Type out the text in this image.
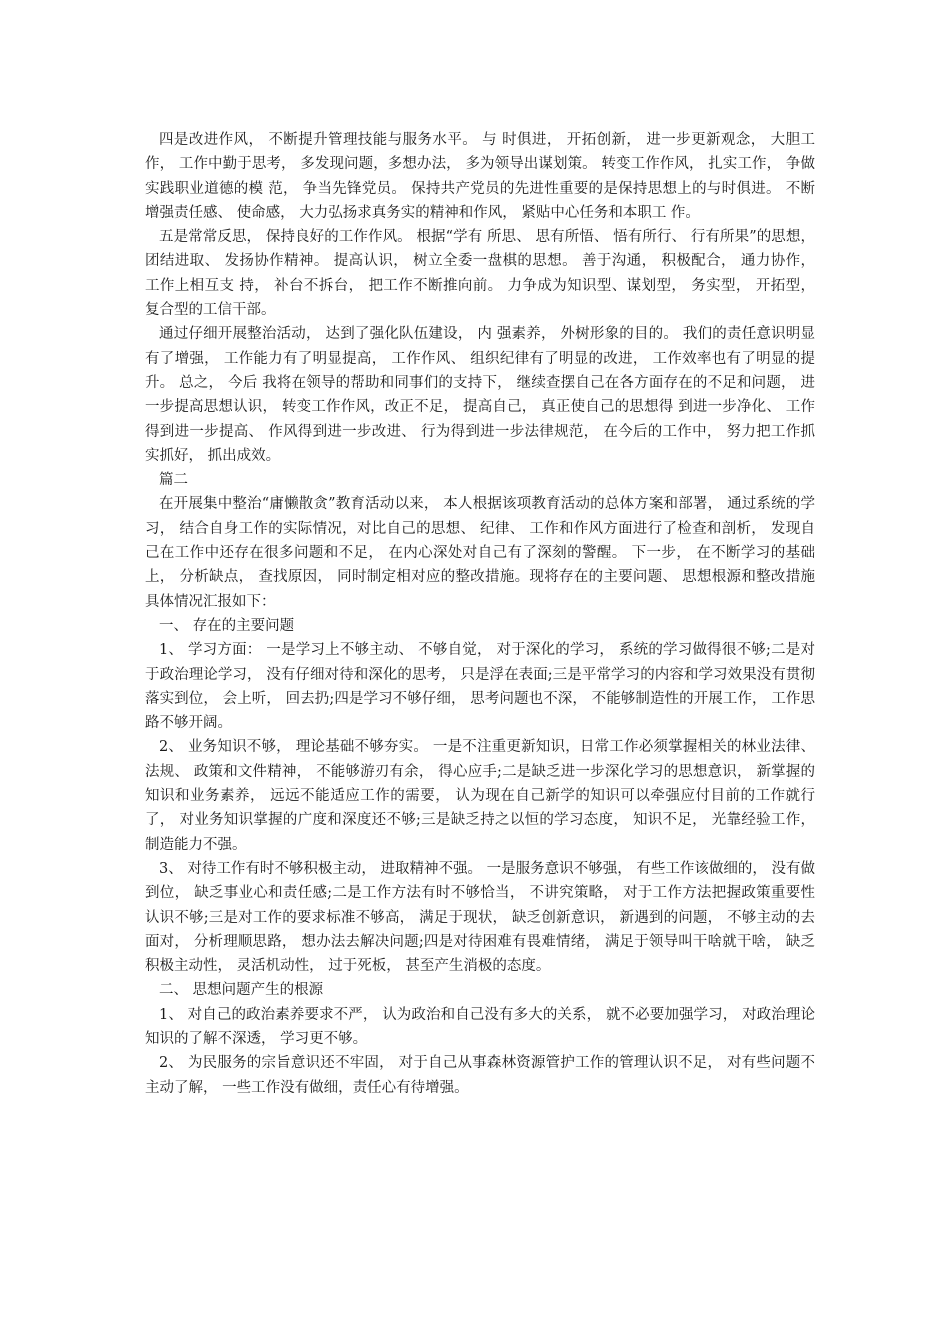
四是改进作风， 不断提升管理技能与服务水平。 与 时俱进， 开拓创新， 进一步更新观念， 大胆工作， 工作中勤于思考， 多发现问题，多想办法， 多为领导出谋划策。 转变工作作风， 扎实工作， 争做实践职业道德的模 范， 争当先锋党员。 保持共产党员的先进性重要的是保持思想上的与时俱进。 不断增强责任感、 使命感， 大力弘扬求真务实的精神和作风， 紧贴中心任务和本职工 作。

五是常常反思， 保持良好的工作作风。 根据“学有 所思、 思有所悟、 悟有所行、 行有所果”的思想， 团结进取、 发扬协作精神。 提高认识， 树立全委一盘棋的思想。 善于沟通， 积极配合， 通力协作， 工作上相互支 持， 补台不拆台， 把工作不断推向前。 力争成为知识型、谋划型， 务实型， 开拓型， 复合型的工信干部。

通过仔细开展整治活动， 达到了强化队伍建设， 内 强素养， 外树形象的目的。 我们的责任意识明显有了增强， 工作能力有了明显提高， 工作作风、 组织纪律有了明显的改进， 工作效率也有了明显的提升。 总之， 今后 我将在领导的帮助和同事们的支持下， 继续查摆自己在各方面存在的不足和问题， 进一步提高思想认识， 转变工作作风，改正不足， 提高自己， 真正使自己的思想得 到进一步净化、 工作得到进一步提高、 作风得到进一步改进、 行为得到进一步法律规范， 在今后的工作中， 努力把工作抓实抓好， 抓出成效。

篇二

在开展集中整治“庸懒散贪”教育活动以来， 本人根据该项教育活动的总体方案和部署， 通过系统的学习， 结合自身工作的实际情况，对比自己的思想、 纪律、 工作和作风方面进行了检查和剖析， 发现自己在工作中还存在很多问题和不足， 在内心深处对自己有了深刻的警醒。 下一步， 在不断学习的基础上， 分析缺点， 查找原因， 同时制定相对应的整改措施。现将存在的主要问题、 思想根源和整改措施具体情况汇报如下：

一、 存在的主要问题

1、 学习方面： 一是学习上不够主动、 不够自觉， 对于深化的学习， 系统的学习做得很不够;二是对于政治理论学习， 没有仔细对待和深化的思考， 只是浮在表面;三是平常学习的内容和学习效果没有贯彻落实到位， 会上听， 回去扔;四是学习不够仔细， 思考问题也不深， 不能够制造性的开展工作， 工作思路不够开阔。

2、 业务知识不够， 理论基础不够夯实。 一是不注重更新知识，日常工作必须掌握相关的林业法律、 法规、 政策和文件精神， 不能够游刃有余， 得心应手;二是缺乏进一步深化学习的思想意识， 新掌握的知识和业务素养， 远远不能适应工作的需要， 认为现在自己新学的知识可以牵强应付目前的工作就行了， 对业务知识掌握的广度和深度还不够;三是缺乏持之以恒的学习态度， 知识不足， 光靠经验工作，制造能力不强。

3、 对待工作有时不够积极主动， 进取精神不强。 一是服务意识不够强， 有些工作该做细的， 没有做到位， 缺乏事业心和责任感;二是工作方法有时不够恰当， 不讲究策略， 对于工作方法把握政策重要性认识不够;三是对工作的要求标准不够高， 满足于现状， 缺乏创新意识， 新遇到的问题， 不够主动的去面对， 分析理顺思路， 想办法去解决问题;四是对待困难有畏难情绪， 满足于领导叫干啥就干啥， 缺乏积极主动性， 灵活机动性， 过于死板， 甚至产生消极的态度。

二、 思想问题产生的根源

1、 对自己的政治素养要求不严， 认为政治和自己没有多大的关系， 就不必要加强学习， 对政治理论知识的了解不深透， 学习更不够。

2、 为民服务的宗旨意识还不牢固， 对于自己从事森林资源管护工作的管理认识不足， 对有些问题不主动了解， 一些工作没有做细，责任心有待增强。
